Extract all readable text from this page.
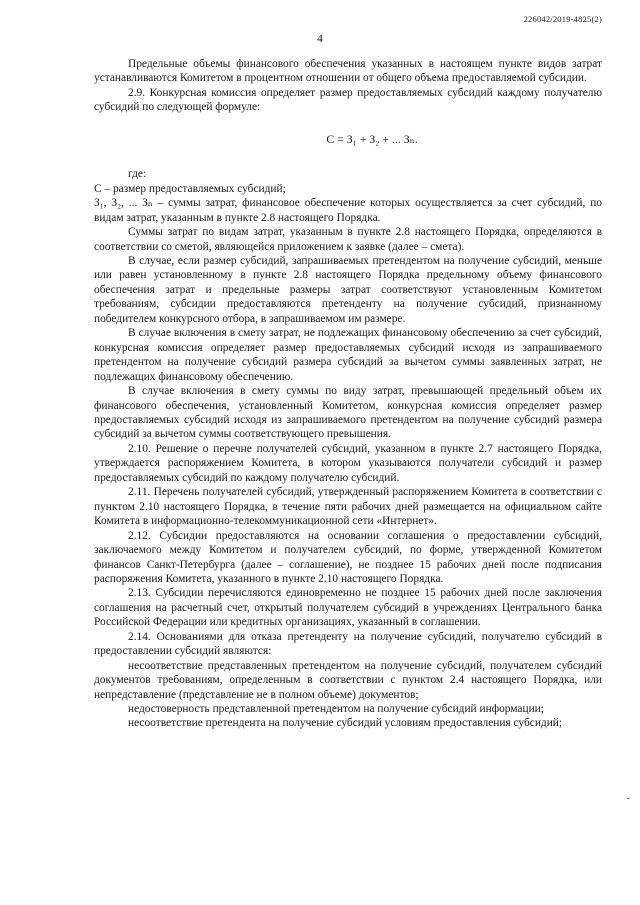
226042/2019-4825(2)
4

Предельные объемы финансового обеспечения указанных в настоящем пункте видов затрат устанавливаются Комитетом в процентном отношении от общего объема предоставляемой субсидии.

2.9. Конкурсная комиссия определяет размер предоставляемых субсидий каждому получателю субсидий по следующей формуле:

С = З₁ + З₂ + ... Зₙ.

где:

С – размер предоставляемых субсидий;

З₁, З₂, ... Зₙ – суммы затрат, финансовое обеспечение которых осуществляется за счет субсидий, по видам затрат, указанным в пункте 2.8 настоящего Порядка.

Суммы затрат по видам затрат, указанным в пункте 2.8 настоящего Порядка, определяются в соответствии со сметой, являющейся приложением к заявке (далее – смета).

В случае, если размер субсидий, запрашиваемых претендентом на получение субсидий, меньше или равен установленному в пункте 2.8 настоящего Порядка предельному объему финансового обеспечения затрат и предельные размеры затрат соответствуют установленным Комитетом требованиям, субсидии предоставляются претенденту на получение субсидий, признанному победителем конкурсного отбора, в запрашиваемом им размере.

В случае включения в смету затрат, не подлежащих финансовому обеспечению за счет субсидий, конкурсная комиссия определяет размер предоставляемых субсидий исходя из запрашиваемого претендентом на получение субсидий размера субсидий за вычетом суммы заявленных затрат, не подлежащих финансовому обеспечению.

В случае включения в смету суммы по виду затрат, превышающей предельный объем их финансового обеспечения, установленный Комитетом, конкурсная комиссия определяет размер предоставляемых субсидий исходя из запрашиваемого претендентом на получение субсидий размера субсидий за вычетом суммы соответствующего превышения.

2.10. Решение о перечне получателей субсидий, указанном в пункте 2.7 настоящего Порядка, утверждается распоряжением Комитета, в котором указываются получатели субсидий и размер предоставляемых субсидий по каждому получателю субсидий.

2.11. Перечень получателей субсидий, утвержденный распоряжением Комитета в соответствии с пунктом 2.10 настоящего Порядка, в течение пяти рабочих дней размещается на официальном сайте Комитета в информационно-телекоммуникационной сети «Интернет».

2.12. Субсидии предоставляются на основании соглашения о предоставлении субсидий, заключаемого между Комитетом и получателем субсидий, по форме, утвержденной Комитетом финансов Санкт-Петербурга (далее – соглашение), не позднее 15 рабочих дней после подписания распоряжения Комитета, указанного в пункте 2.10 настоящего Порядка.

2.13. Субсидии перечисляются единовременно не позднее 15 рабочих дней после заключения соглашения на расчетный счет, открытый получателем субсидий в учреждениях Центрального банка Российской Федерации или кредитных организациях, указанный в соглашении.

2.14. Основаниями для отказа претенденту на получение субсидий, получателю субсидий в предоставлении субсидий являются:

несоответствие представленных претендентом на получение субсидий, получателем субсидий документов требованиям, определенным в соответствии с пунктом 2.4 настоящего Порядка, или непредставление (представление не в полном объеме) документов;

недостоверность представленной претендентом на получение субсидий информации;

несоответствие претендента на получение субсидий условиям предоставления субсидий;

-
